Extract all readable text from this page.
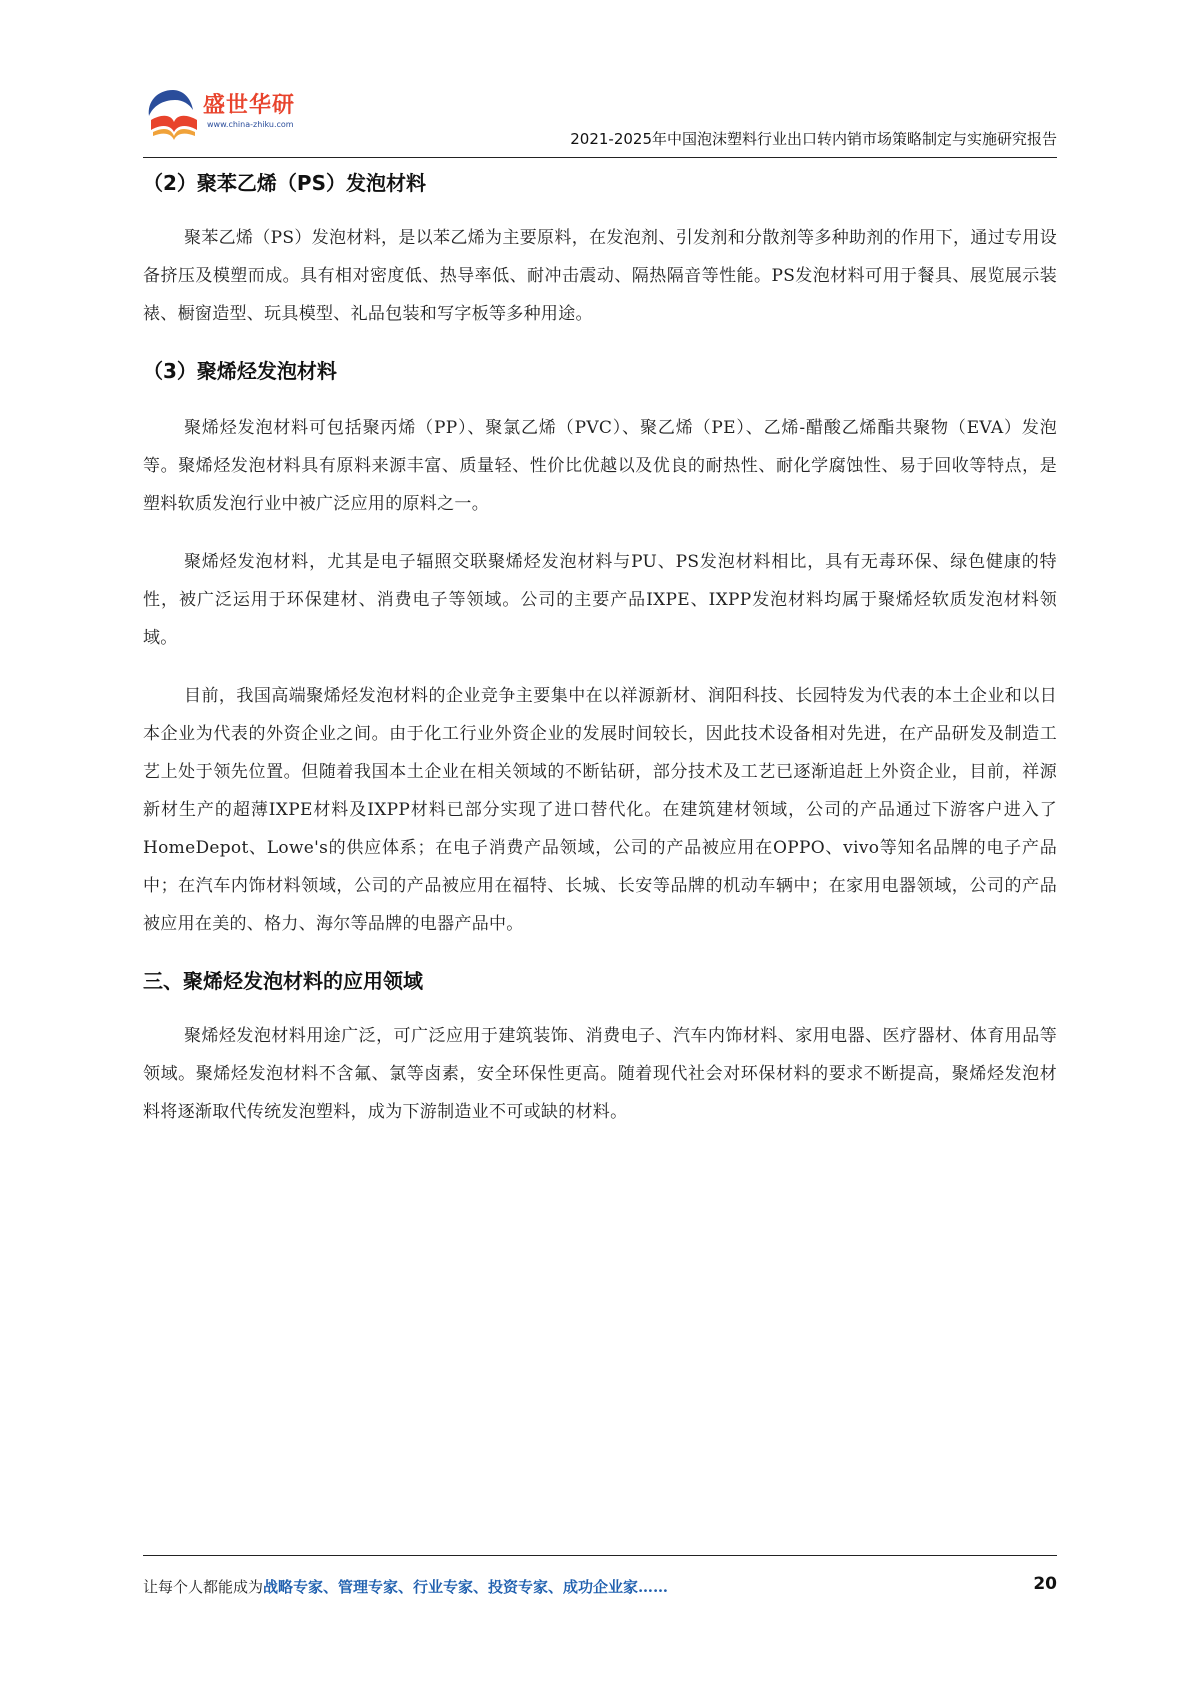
盛世华研
www.china-zhiku.com
2021-2025年中国泡沫塑料行业出口转内销市场策略制定与实施研究报告
（2）聚苯乙烯（PS）发泡材料

聚苯乙烯（PS）发泡材料，是以苯乙烯为主要原料，在发泡剂、引发剂和分散剂等多种助剂的作用下，通过专用设备挤压及模塑而成。具有相对密度低、热导率低、耐冲击震动、隔热隔音等性能。PS发泡材料可用于餐具、展览展示装裱、橱窗造型、玩具模型、礼品包装和写字板等多种用途。

（3）聚烯烃发泡材料

聚烯烃发泡材料可包括聚丙烯（PP）、聚氯乙烯（PVC）、聚乙烯（PE）、乙烯-醋酸乙烯酯共聚物（EVA）发泡等。聚烯烃发泡材料具有原料来源丰富、质量轻、性价比优越以及优良的耐热性、耐化学腐蚀性、易于回收等特点，是塑料软质发泡行业中被广泛应用的原料之一。

聚烯烃发泡材料，尤其是电子辐照交联聚烯烃发泡材料与PU、PS发泡材料相比，具有无毒环保、绿色健康的特性，被广泛运用于环保建材、消费电子等领域。公司的主要产品IXPE、IXPP发泡材料均属于聚烯烃软质发泡材料领域。

目前，我国高端聚烯烃发泡材料的企业竞争主要集中在以祥源新材、润阳科技、长园特发为代表的本土企业和以日本企业为代表的外资企业之间。由于化工行业外资企业的发展时间较长，因此技术设备相对先进，在产品研发及制造工艺上处于领先位置。但随着我国本土企业在相关领域的不断钻研，部分技术及工艺已逐渐追赶上外资企业，目前，祥源新材生产的超薄IXPE材料及IXPP材料已部分实现了进口替代化。在建筑建材领域，公司的产品通过下游客户进入了HomeDepot、Lowe's的供应体系；在电子消费产品领域，公司的产品被应用在OPPO、vivo等知名品牌的电子产品中；在汽车内饰材料领域，公司的产品被应用在福特、长城、长安等品牌的机动车辆中；在家用电器领域，公司的产品被应用在美的、格力、海尔等品牌的电器产品中。

三、聚烯烃发泡材料的应用领域

聚烯烃发泡材料用途广泛，可广泛应用于建筑装饰、消费电子、汽车内饰材料、家用电器、医疗器材、体育用品等领域。聚烯烃发泡材料不含氟、氯等卤素，安全环保性更高。随着现代社会对环保材料的要求不断提高，聚烯烃发泡材料将逐渐取代传统发泡塑料，成为下游制造业不可或缺的材料。

让每个人都能成为战略专家、管理专家、行业专家、投资专家、成功企业家……	20
